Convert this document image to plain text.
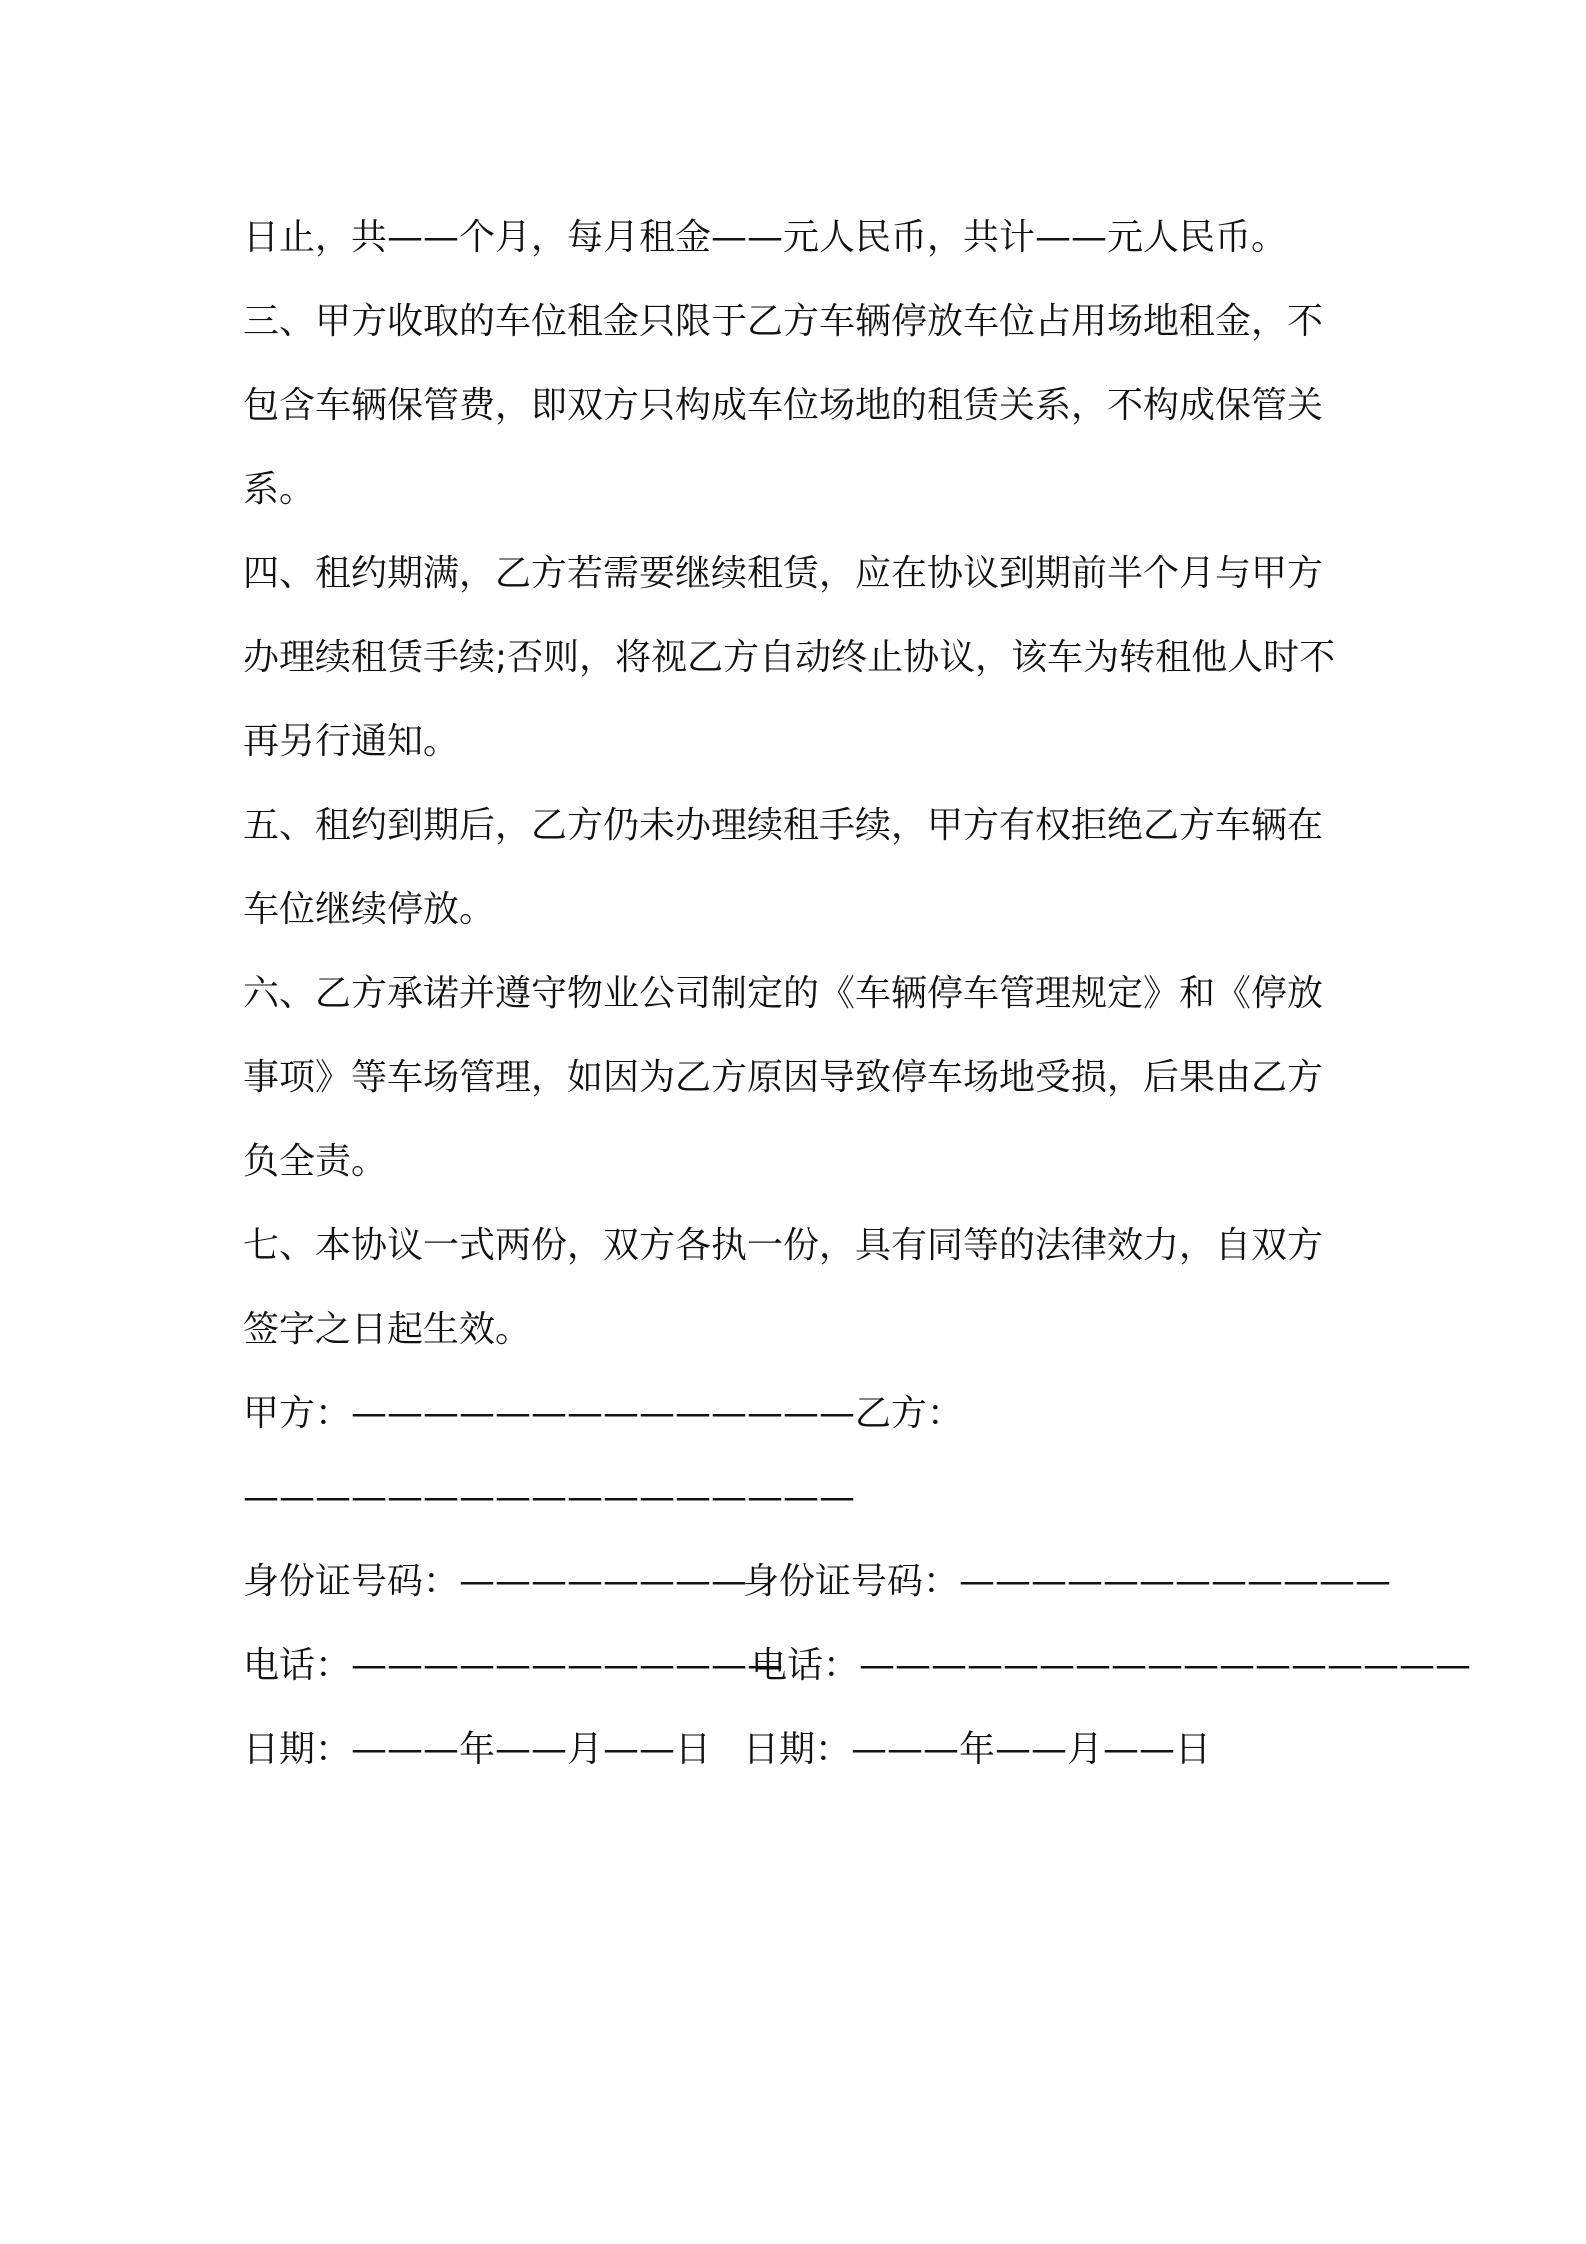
日止，共——个月，每月租金——元人民币，共计——元人民币。

三、甲方收取的车位租金只限于乙方车辆停放车位占用场地租金，不包含车辆保管费，即双方只构成车位场地的租赁关系，不构成保管关系。

四、租约期满，乙方若需要继续租赁，应在协议到期前半个月与甲方办理续租赁手续;否则，将视乙方自动终止协议，该车为转租他人时不再另行通知。

五、租约到期后，乙方仍未办理续租手续，甲方有权拒绝乙方车辆在车位继续停放。

六、乙方承诺并遵守物业公司制定的《车辆停车管理规定》和《停放事项》等车场管理，如因为乙方原因导致停车场地受损，后果由乙方负全责。

七、本协议一式两份，双方各执一份，具有同等的法律效力，自双方签字之日起生效。

甲方：——————————————乙方：—————————————————
身份证号码：————————身份证号码：————————————
电话：————————————电话：—————————————————
日期：———年——月——日 日期：———年——月——日
